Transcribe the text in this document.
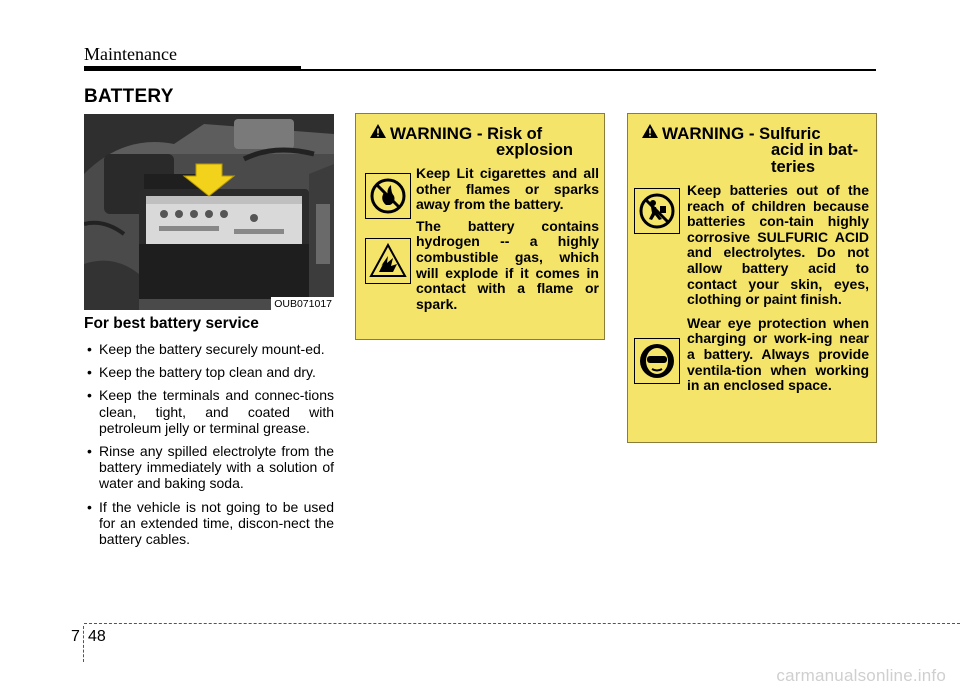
Maintenance
BATTERY
OUB071017
For best battery service
• Keep the battery securely mount-ed.
• Keep the battery top clean and dry.
• Keep the terminals and connec-tions clean, tight, and coated with petroleum jelly or terminal grease.
• Rinse any spilled electrolyte from the battery immediately with a solution of water and baking soda.
• If the vehicle is not going to be used for an extended time, discon-nect the battery cables.
WARNING - Risk of
explosion

Keep Lit cigarettes and all other flames or sparks away from the battery.

The battery contains hydrogen -- a highly combustible gas, which will explode if it comes in contact with a flame or spark.

WARNING - Sulfuric
acid in bat-
teries

Keep batteries out of the reach of children because batteries con-tain highly corrosive SULFURIC ACID and electrolytes. Do not allow battery acid to contact your skin, eyes, clothing or paint finish.

Wear eye protection when charging or work-ing near a battery. Always provide ventila-tion when working in an enclosed space.

7 48
carmanualsonline.info
